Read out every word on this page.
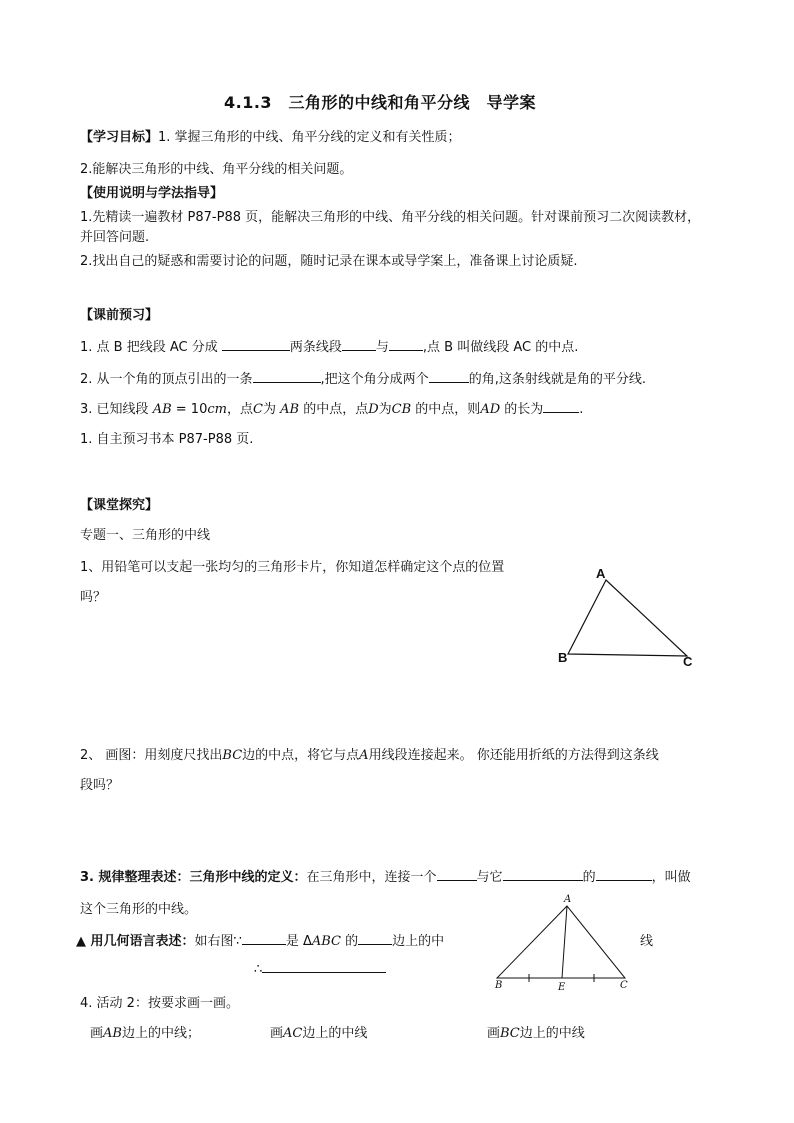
4.1.3　三角形的中线和角平分线　导学案
【学习目标】1. 掌握三角形的中线、角平分线的定义和有关性质；
2.能解决三角形的中线、角平分线的相关问题。
【使用说明与学法指导】
1.先精读一遍教材 P87-P88 页，能解决三角形的中线、角平分线的相关问题。针对课前预习二次阅读教材，
并回答问题.
2.找出自己的疑惑和需要讨论的问题，随时记录在课本或导学案上，准备课上讨论质疑.
【课前预习】
1. 点 B 把线段 AC 分成	两条线段	与	,点 B 叫做线段 AC 的中点.
2. 从一个角的顶点引出的一条	,把这个角分成两个	的角,这条射线就是角的平分线.
3. 已知线段 AB = 10cm，点C为 AB 的中点，点D为CB 的中点，则AD 的长为	.
1. 自主预习书本 P87-P88 页.
【课堂探究】
专题一、三角形的中线
1、用铅笔可以支起一张均匀的三角形卡片，你知道怎样确定这个点的位置
吗？
A
B	C
2、 画图：用刻度尺找出BC边的中点，将它与点A用线段连接起来。 你还能用折纸的方法得到这条线
段吗？
3. 规律整理表述：三角形中线的定义：在三角形中，连接一个	与它	的	，叫做
这个三角形的中线。
▲ 用几何语言表述：如右图∵	是 ΔABC 的	边上的中	线
∴
A
B	E	C
4. 活动 2：按要求画一画。
画AB边上的中线；	画AC边上的中线	画BC边上的中线
